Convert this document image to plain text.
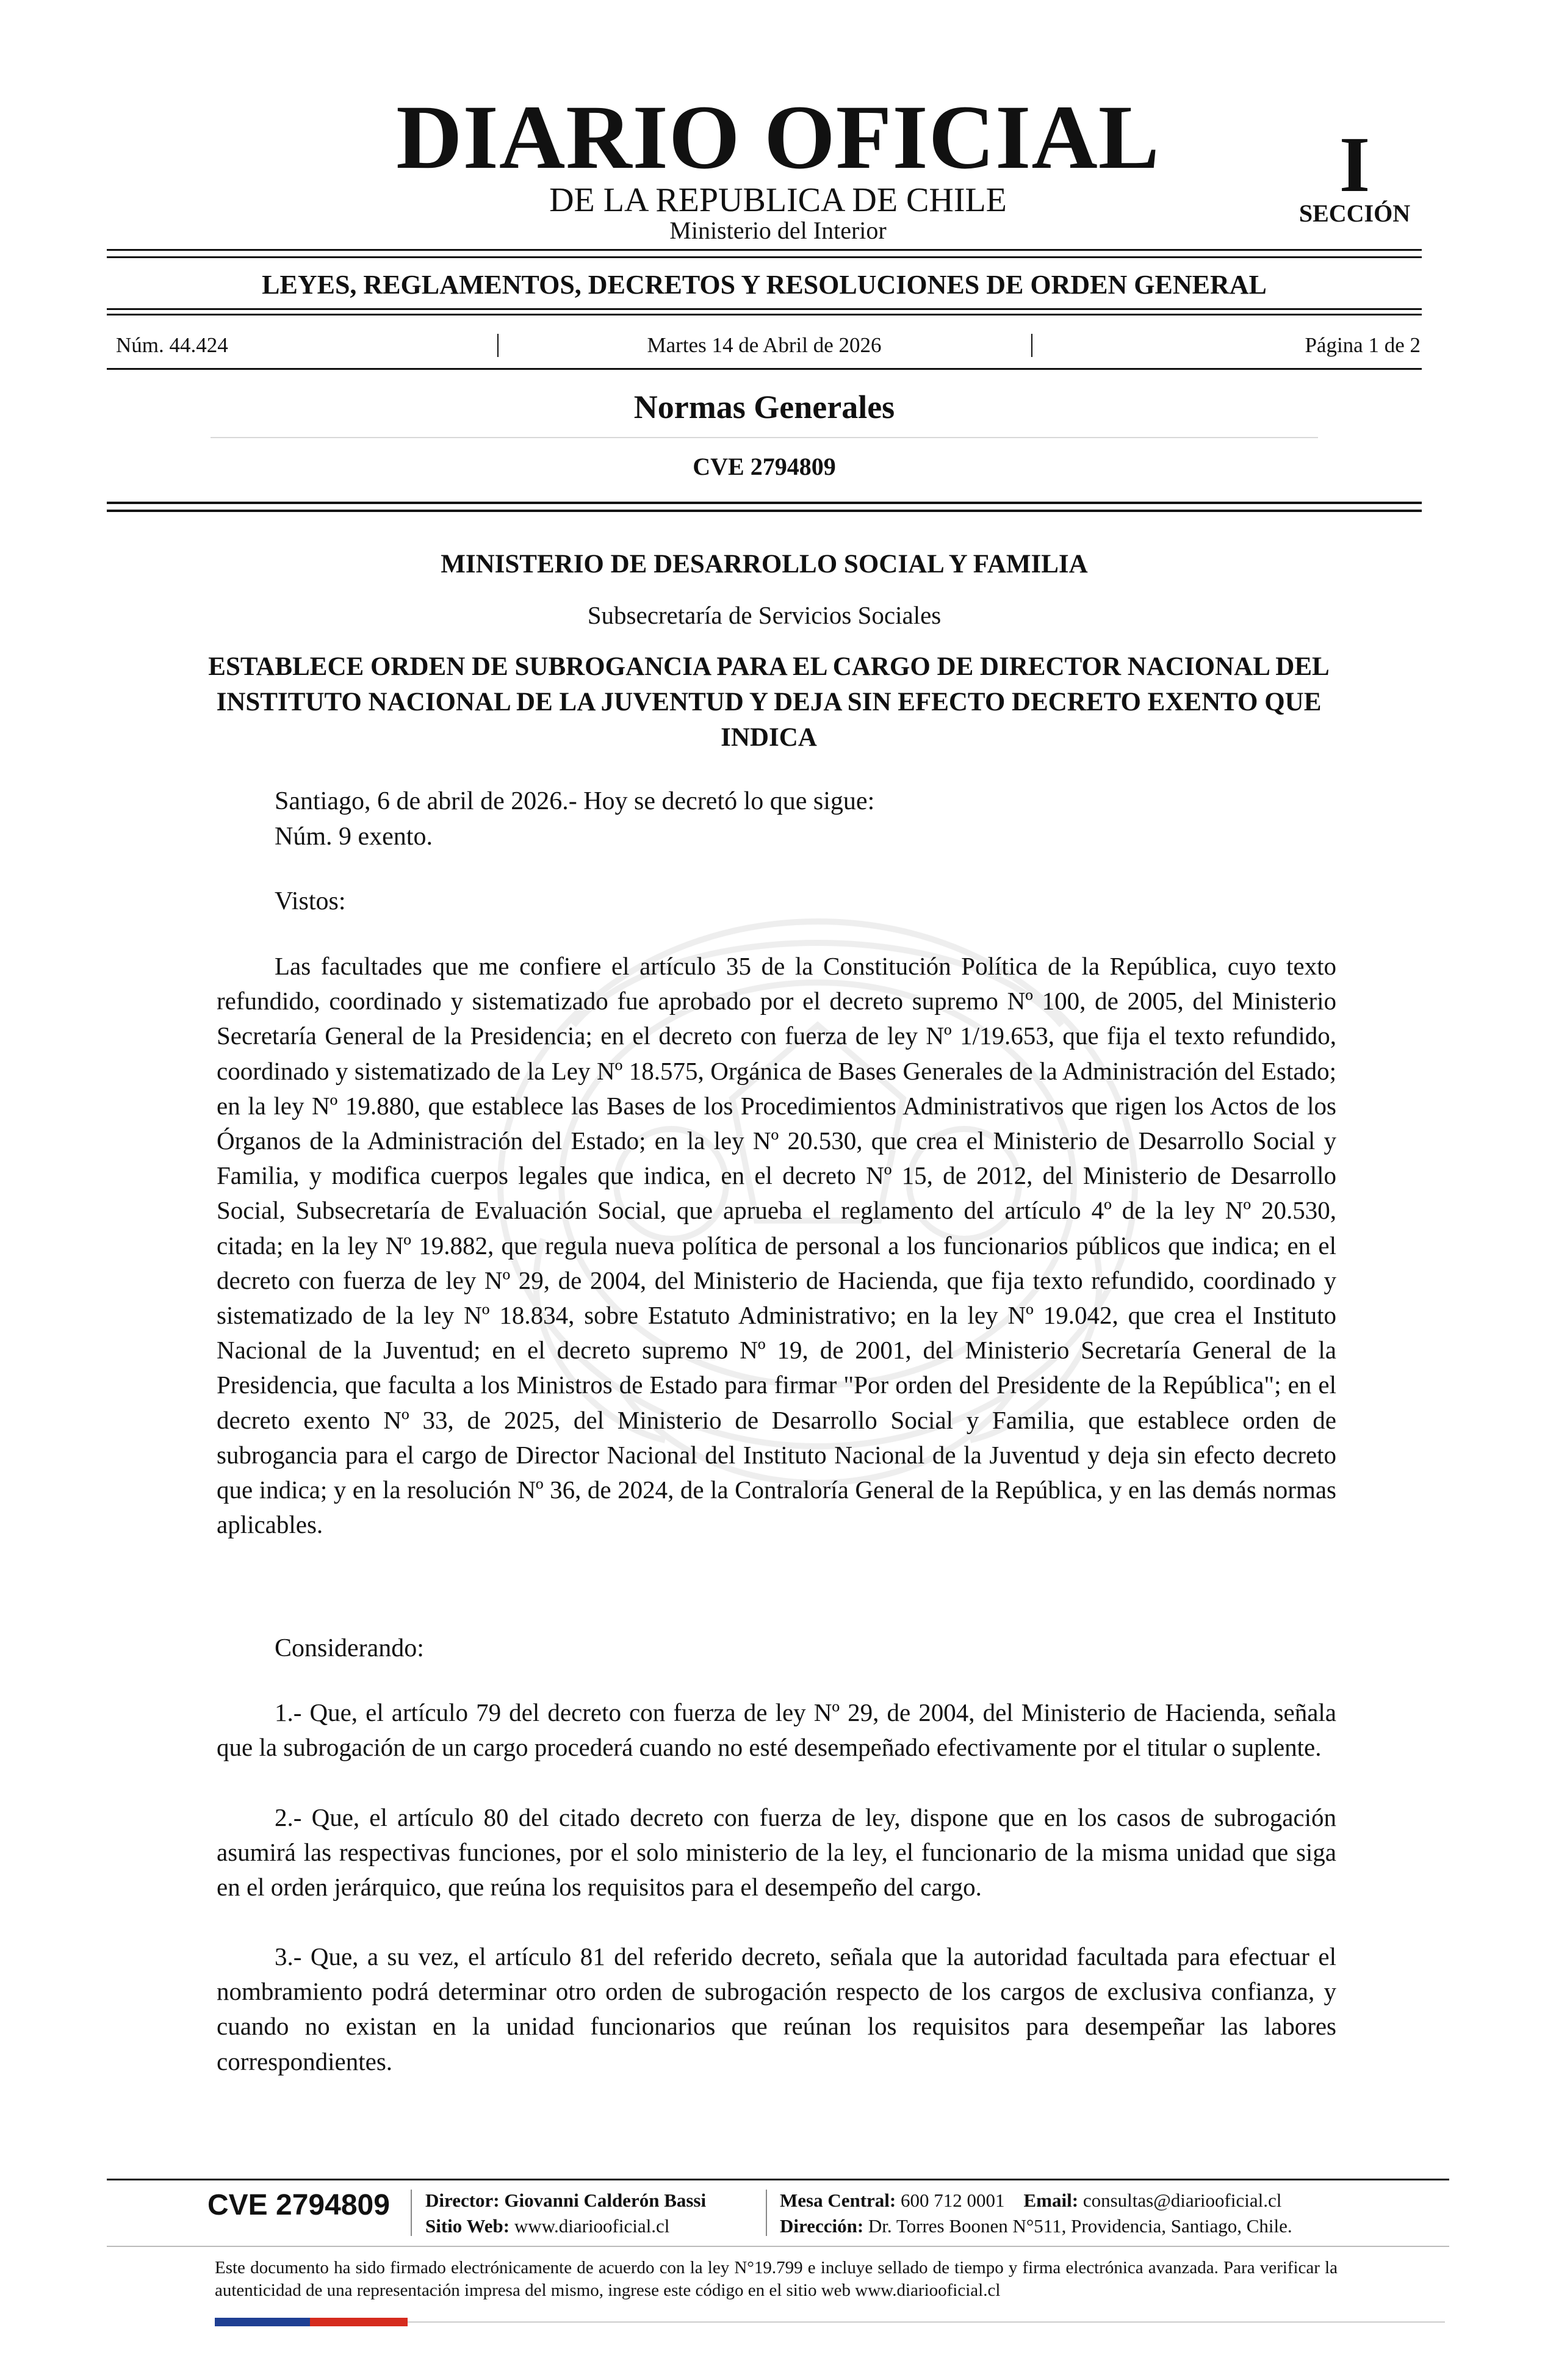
DIARIO OFICIAL
DE LA REPUBLICA DE CHILE
Ministerio del Interior
I
SECCIÓN
LEYES, REGLAMENTOS, DECRETOS Y RESOLUCIONES DE ORDEN GENERAL
Núm. 44.424	Martes 14 de Abril de 2026	Página 1 de 2
Normas Generales
CVE 2794809
MINISTERIO DE DESARROLLO SOCIAL Y FAMILIA
Subsecretaría de Servicios Sociales
ESTABLECE ORDEN DE SUBROGANCIA PARA EL CARGO DE DIRECTOR NACIONAL DEL INSTITUTO NACIONAL DE LA JUVENTUD Y DEJA SIN EFECTO DECRETO EXENTO QUE INDICA
Santiago, 6 de abril de 2026.- Hoy se decretó lo que sigue:
Núm. 9 exento.
Vistos:

Las facultades que me confiere el artículo 35 de la Constitución Política de la República, cuyo texto refundido, coordinado y sistematizado fue aprobado por el decreto supremo Nº 100, de 2005, del Ministerio Secretaría General de la Presidencia; en el decreto con fuerza de ley Nº 1/19.653, que fija el texto refundido, coordinado y sistematizado de la Ley Nº 18.575, Orgánica de Bases Generales de la Administración del Estado; en la ley Nº 19.880, que establece las Bases de los Procedimientos Administrativos que rigen los Actos de los Órganos de la Administración del Estado; en la ley Nº 20.530, que crea el Ministerio de Desarrollo Social y Familia, y modifica cuerpos legales que indica, en el decreto Nº 15, de 2012, del Ministerio de Desarrollo Social, Subsecretaría de Evaluación Social, que aprueba el reglamento del artículo 4º de la ley Nº 20.530, citada; en la ley Nº 19.882, que regula nueva política de personal a los funcionarios públicos que indica; en el decreto con fuerza de ley Nº 29, de 2004, del Ministerio de Hacienda, que fija texto refundido, coordinado y sistematizado de la ley Nº 18.834, sobre Estatuto Administrativo; en la ley Nº 19.042, que crea el Instituto Nacional de la Juventud; en el decreto supremo Nº 19, de 2001, del Ministerio Secretaría General de la Presidencia, que faculta a los Ministros de Estado para firmar "Por orden del Presidente de la República"; en el decreto exento Nº 33, de 2025, del Ministerio de Desarrollo Social y Familia, que establece orden de subrogancia para el cargo de Director Nacional del Instituto Nacional de la Juventud y deja sin efecto decreto que indica; y en la resolución Nº 36, de 2024, de la Contraloría General de la República, y en las demás normas aplicables.

Considerando:

1.- Que, el artículo 79 del decreto con fuerza de ley Nº 29, de 2004, del Ministerio de Hacienda, señala que la subrogación de un cargo procederá cuando no esté desempeñado efectivamente por el titular o suplente.

2.- Que, el artículo 80 del citado decreto con fuerza de ley, dispone que en los casos de subrogación asumirá las respectivas funciones, por el solo ministerio de la ley, el funcionario de la misma unidad que siga en el orden jerárquico, que reúna los requisitos para el desempeño del cargo.

3.- Que, a su vez, el artículo 81 del referido decreto, señala que la autoridad facultada para efectuar el nombramiento podrá determinar otro orden de subrogación respecto de los cargos de exclusiva confianza, y cuando no existan en la unidad funcionarios que reúnan los requisitos para desempeñar las labores correspondientes.

CVE 2794809 Director: Giovanni Calderón Bassi
Sitio Web: www.diariooficial.cl
Mesa Central: 600 712 0001 Email: consultas@diariooficial.cl
Dirección: Dr. Torres Boonen N°511, Providencia, Santiago, Chile.

Este documento ha sido firmado electrónicamente de acuerdo con la ley N°19.799 e incluye sellado de tiempo y firma electrónica avanzada. Para verificar la autenticidad de una representación impresa del mismo, ingrese este código en el sitio web www.diariooficial.cl
